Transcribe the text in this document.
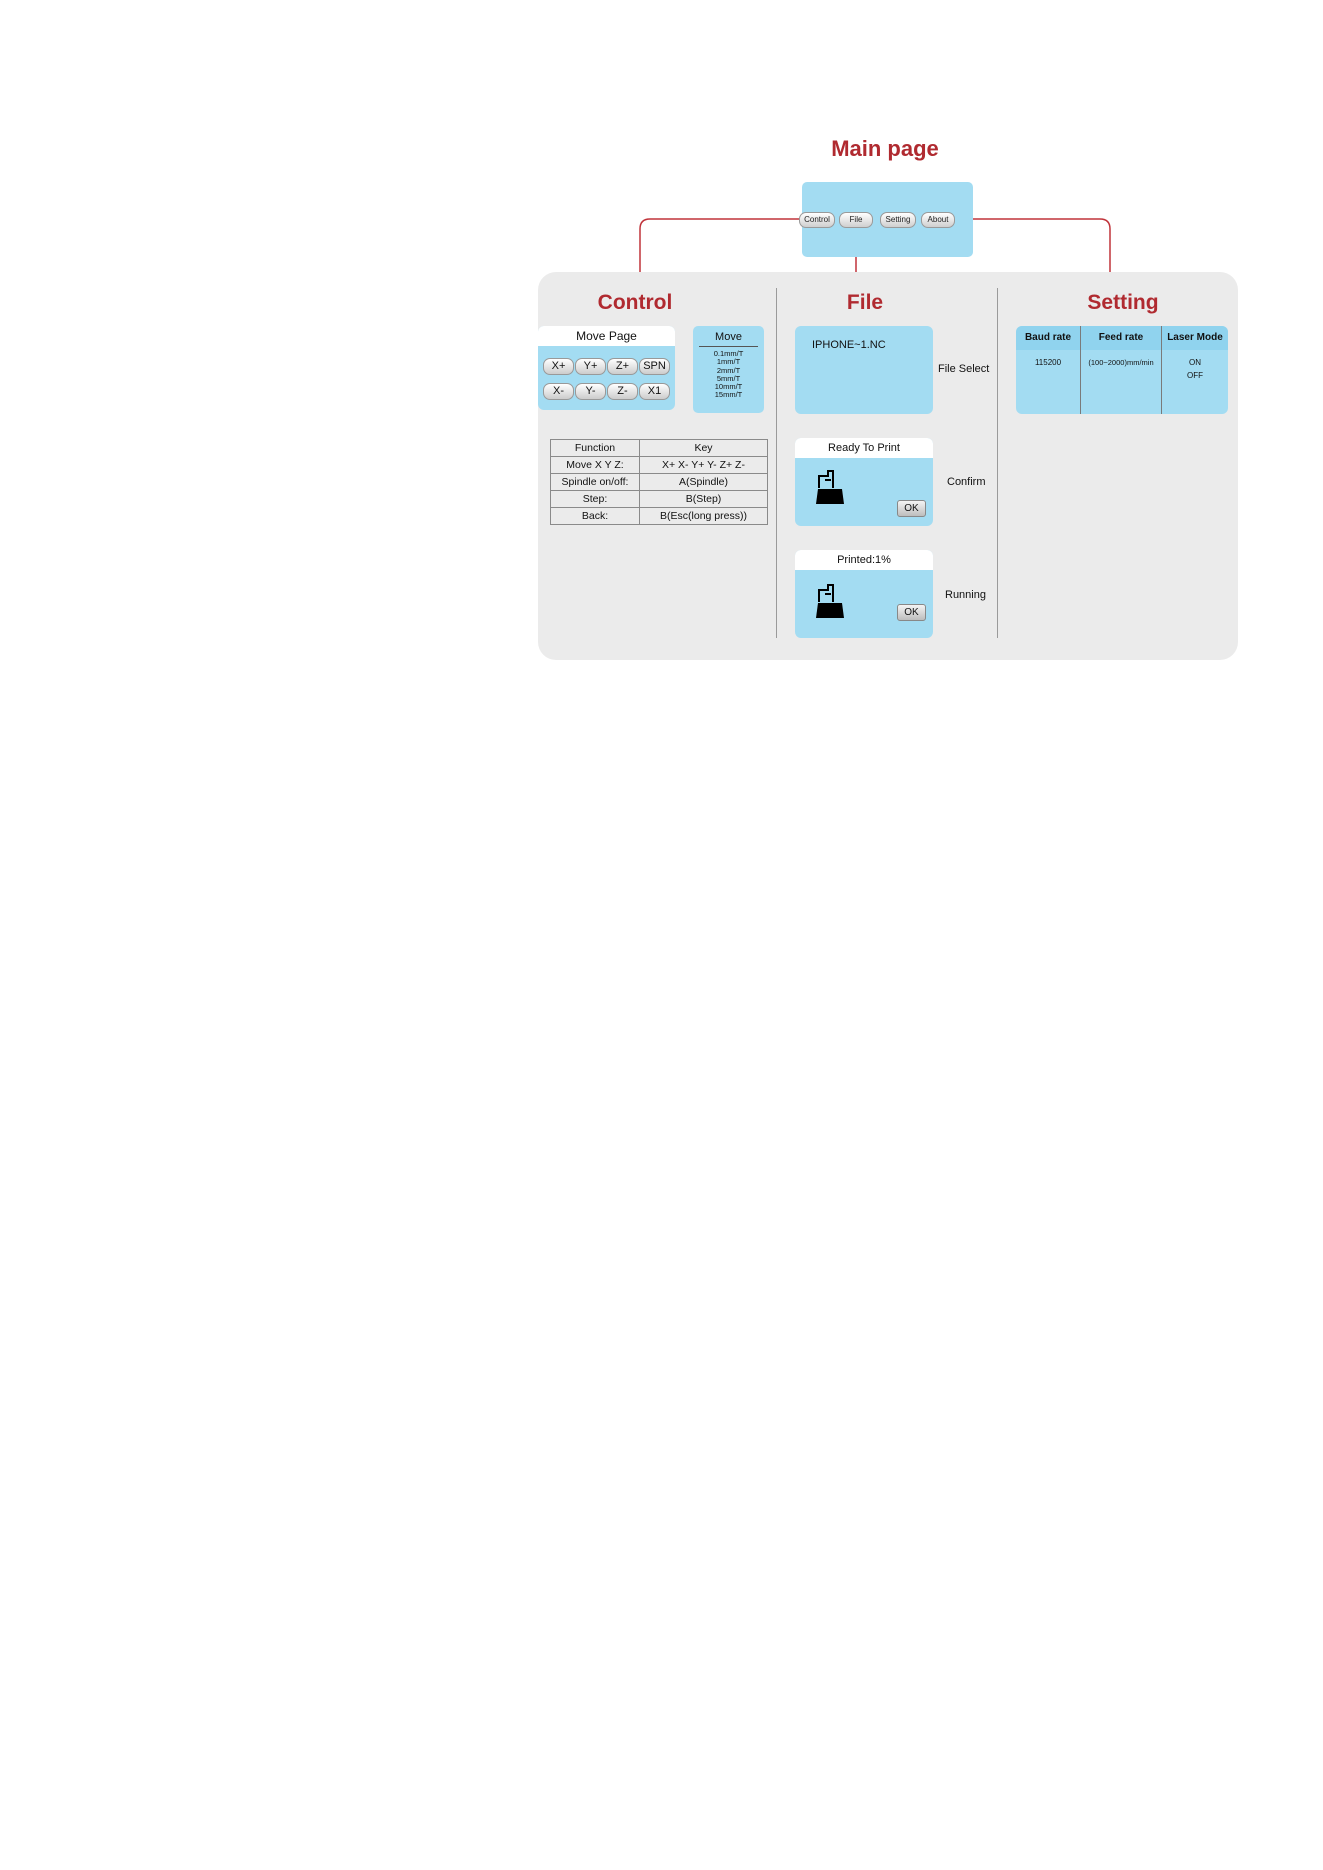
Main page
Control	File	Setting	About
Control
Move Page
X+	Y+	Z+	SPN
X-	Y-	Z-	X1
Move
0.1mm/T
1mm/T
2mm/T
5mm/T
10mm/T
15mm/T
Function	Key
Move X Y Z:	X+ X- Y+ Y- Z+ Z-
Spindle on/off:	A(Spindle)
Step:	B(Step)
Back:	B(Esc(long press))
File
IPHONE~1.NC
File Select
Ready To Print
OK
Confirm
Printed:1%
OK
Running
Setting
Baud rate	Feed rate	Laser Mode
115200	(100~2000)mm/min	ON
OFF
